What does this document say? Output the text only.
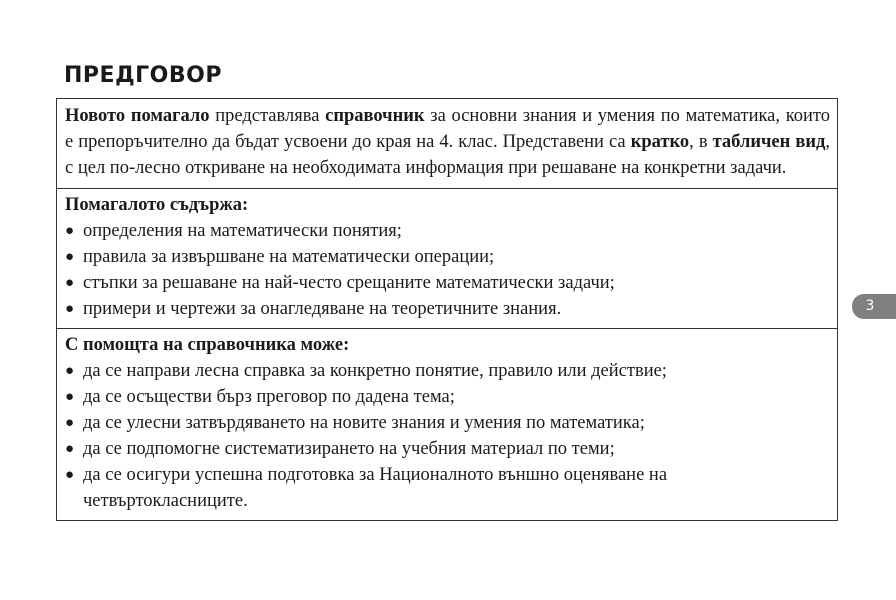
ПРЕДГОВОР
Новото помагало представлява справочник за основни знания и умения по математика, които е препоръчително да бъдат усвоени до края на 4. клас. Представени са кратко, в табличен вид, с цел по-лесно откриване на необходимата информация при решаване на конкретни задачи.
Помагалото съдържа:
● определения на математически понятия;
● правила за извършване на математически операции;
● стъпки за решаване на най-често срещаните математически задачи;
● примери и чертежи за онагледяване на теоретичните знания.
С помощта на справочника може:
● да се направи лесна справка за конкретно понятие, правило или действие;
● да се осъществи бърз преговор по дадена тема;
● да се улесни затвърдяването на новите знания и умения по математика;
● да се подпомогне систематизирането на учебния материал по теми;
● да се осигури успешна подготовка за Националното външно оценяване на четвъртокласниците.
3
